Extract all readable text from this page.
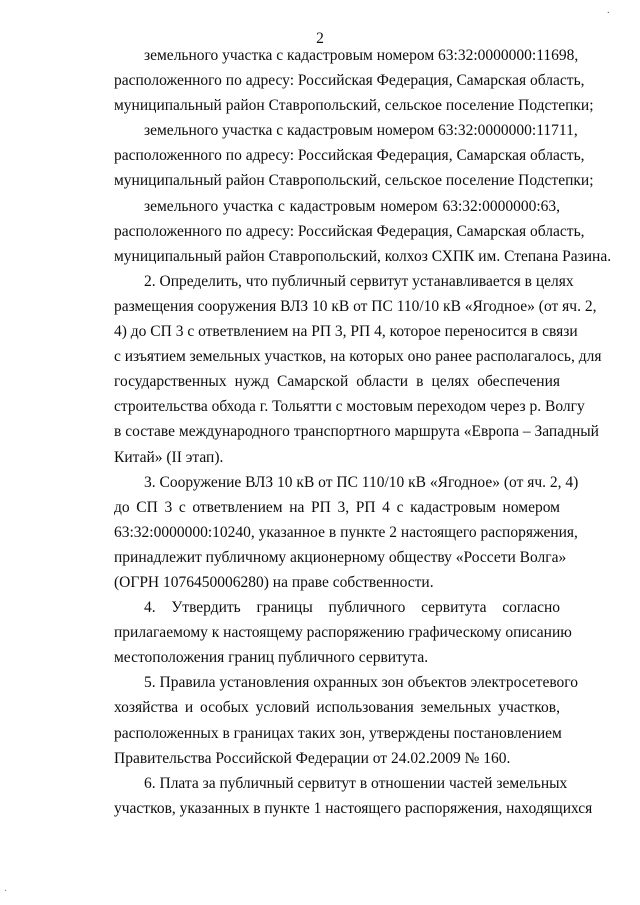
2
·
земельного участка с кадастровым номером 63:32:0000000:11698,
расположенного по адресу: Российская Федерация, Самарская область,
муниципальный район Ставропольский, сельское поселение Подстепки;
земельного участка с кадастровым номером 63:32:0000000:11711,
расположенного по адресу: Российская Федерация, Самарская область,
муниципальный район Ставропольский, сельское поселение Подстепки;
земельного участка с кадастровым номером 63:32:0000000:63,
расположенного по адресу: Российская Федерация, Самарская область,
муниципальный район Ставропольский, колхоз СХПК им. Степана Разина.
2. Определить, что публичный сервитут устанавливается в целях
размещения сооружения ВЛЗ 10 кВ от ПС 110/10 кВ «Ягодное» (от яч. 2,
4) до СП 3 с ответвлением на РП 3, РП 4, которое переносится в связи
с изъятием земельных участков, на которых оно ранее располагалось, для
государственных нужд Самарской области в целях обеспечения
строительства обхода г. Тольятти с мостовым переходом через р. Волгу
в составе международного транспортного маршрута «Европа – Западный
Китай» (II этап).
3. Сооружение ВЛЗ 10 кВ от ПС 110/10 кВ «Ягодное» (от яч. 2, 4)
до СП 3 с ответвлением на РП 3, РП 4 с кадастровым номером
63:32:0000000:10240, указанное в пункте 2 настоящего распоряжения,
принадлежит публичному акционерному обществу «Россети Волга»
(ОГРН 1076450006280) на праве собственности.
4. Утвердить границы публичного сервитута согласно
прилагаемому к настоящему распоряжению графическому описанию
местоположения границ публичного сервитута.
5. Правила установления охранных зон объектов электросетевого
хозяйства и особых условий использования земельных участков,
расположенных в границах таких зон, утверждены постановлением
Правительства Российской Федерации от 24.02.2009 № 160.
6. Плата за публичный сервитут в отношении частей земельных
участков, указанных в пункте 1 настоящего распоряжения, находящихся
·
